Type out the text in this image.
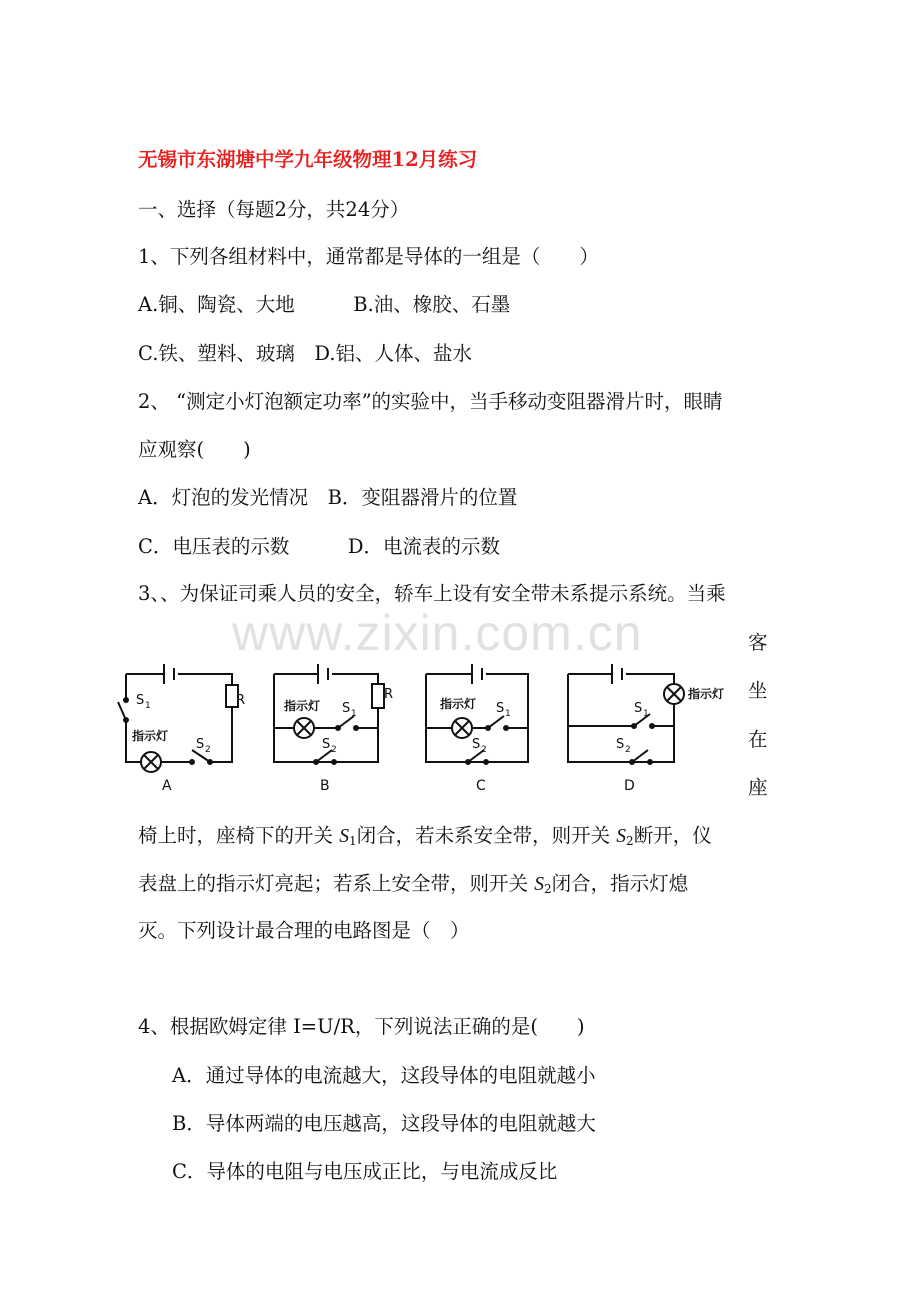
无锡市东湖塘中学九年级物理12月练习
一、选择（每题2分，共24分）
1、下列各组材料中，通常都是导体的一组是（　　）
A.铜、陶瓷、大地　　　B.油、橡胶、石墨
C.铁、塑料、玻璃　D.铝、人体、盐水
2、 “测定小灯泡额定功率”的实验中，当手移动变阻器滑片时，眼睛
应观察(　　)
A．灯泡的发光情况　B．变阻器滑片的位置
C．电压表的示数　　　D．电流表的示数
3、、为保证司乘人员的安全，轿车上设有安全带未系提示系统。当乘
www.zixin.com.cn	客
坐
在
座
S 1	R
指示灯
S 2
A
R
指示灯 S 1
S 2
B
指示灯 S 1
S 2
C
指示灯
S 1
S 2
D
椅上时，座椅下的开关 $S_1$闭合，若未系安全带，则开关 $S_2$断开，仪
表盘上的指示灯亮起；若系上安全带，则开关 $S_2$闭合，指示灯熄
灭。下列设计最合理的电路图是（　）
4、根据欧姆定律 I=U/R，下列说法正确的是(　　)
A．通过导体的电流越大，这段导体的电阻就越小
B．导体两端的电压越高，这段导体的电阻就越大
C．导体的电阻与电压成正比，与电流成反比
